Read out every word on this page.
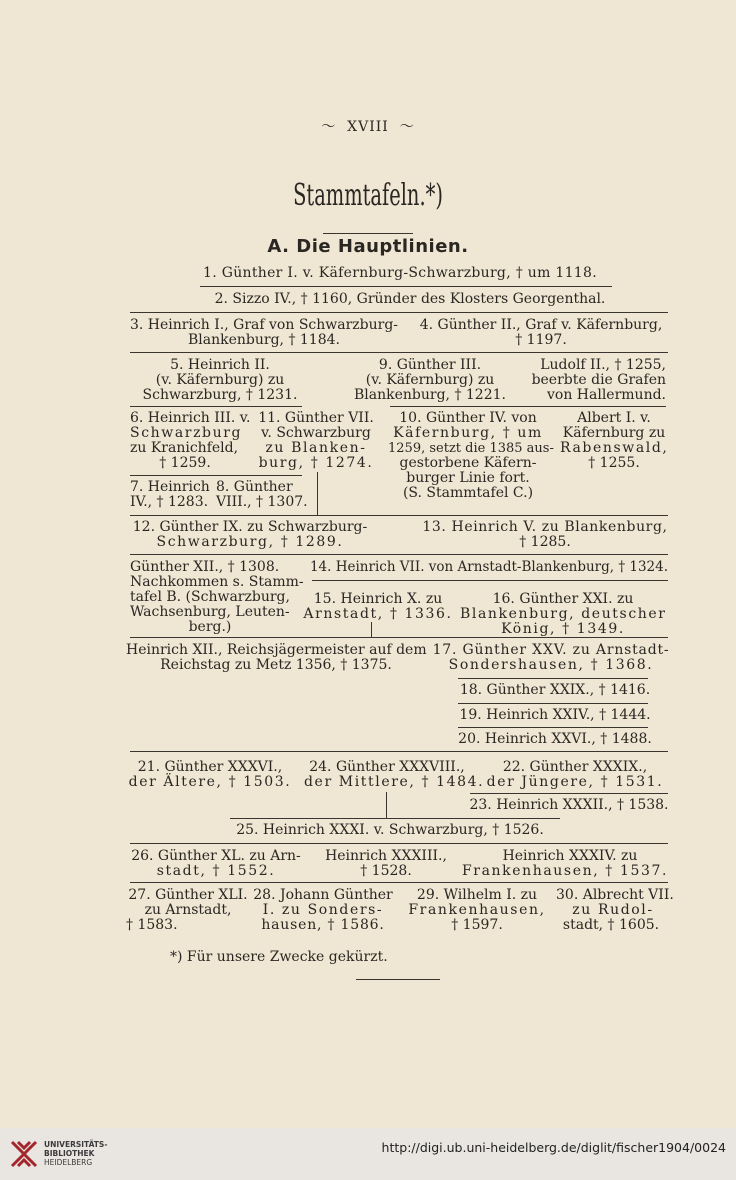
〜 XVIII 〜
Stammtafeln.*)
A. Die Hauptlinien.
1. Günther I. v. Käfernburg-Schwarzburg, † um 1118.
2. Sizzo IV., † 1160, Gründer des Klosters Georgenthal.
3. Heinrich I., Graf von Schwarzburg-
Blankenburg, † 1184.
4. Günther II., Graf v. Käfernburg,
† 1197.
5. Heinrich II.
(v. Käfernburg) zu
Schwarzburg, † 1231.
9. Günther III.
(v. Käfernburg) zu
Blankenburg, † 1221.
Ludolf II., † 1255,
beerbte die Grafen
von Hallermund.
6. Heinrich III. v.
Schwarzburg
zu Kranichfeld,
† 1259.
11. Günther VII.
v. Schwarzburg
zu Blanken-
burg, † 1274.
10. Günther IV. von
Käfernburg, † um
1259, setzt die 1385 aus-
gestorbene Käfern-
burger Linie fort.
(S. Stammtafel C.)
Albert I. v.
Käfernburg zu
Rabenswald,
† 1255.
7. Heinrich
IV., † 1283.
8. Günther
VIII., † 1307.
12. Günther IX. zu Schwarzburg-
Schwarzburg, † 1289.
13. Heinrich V. zu Blankenburg,
† 1285.
Günther XII., † 1308.
Nachkommen s. Stamm-
tafel B. (Schwarzburg,
Wachsenburg, Leuten-
berg.)
14. Heinrich VII. von Arnstadt-Blankenburg, † 1324.
15. Heinrich X. zu
Arnstadt, † 1336.
16. Günther XXI. zu
Blankenburg, deutscher
König, † 1349.
Heinrich XII., Reichsjägermeister auf dem
Reichstag zu Metz 1356, † 1375.
17. Günther XXV. zu Arnstadt-
Sondershausen, † 1368.
18. Günther XXIX., † 1416.
19. Heinrich XXIV., † 1444.
20. Heinrich XXVI., † 1488.
21. Günther XXXVI.,
der Ältere, † 1503.
24. Günther XXXVIII.,
der Mittlere, † 1484.
22. Günther XXXIX.,
der Jüngere, † 1531.
23. Heinrich XXXII., † 1538.
25. Heinrich XXXI. v. Schwarzburg, † 1526.
26. Günther XL. zu Arn-
stadt, † 1552.
Heinrich XXXIII.,
† 1528.
Heinrich XXXIV. zu
Frankenhausen, † 1537.
27. Günther XLI.
zu Arnstadt,
† 1583.
28. Johann Günther
I. zu Sonders-
hausen, † 1586.
29. Wilhelm I. zu
Frankenhausen,
† 1597.
30. Albrecht VII.
zu Rudol-
stadt, † 1605.
*) Für unsere Zwecke gekürzt.
UNIVERSITÄTS-
BIBLIOTHEK
HEIDELBERG
http://digi.ub.uni-heidelberg.de/diglit/fischer1904/0024
